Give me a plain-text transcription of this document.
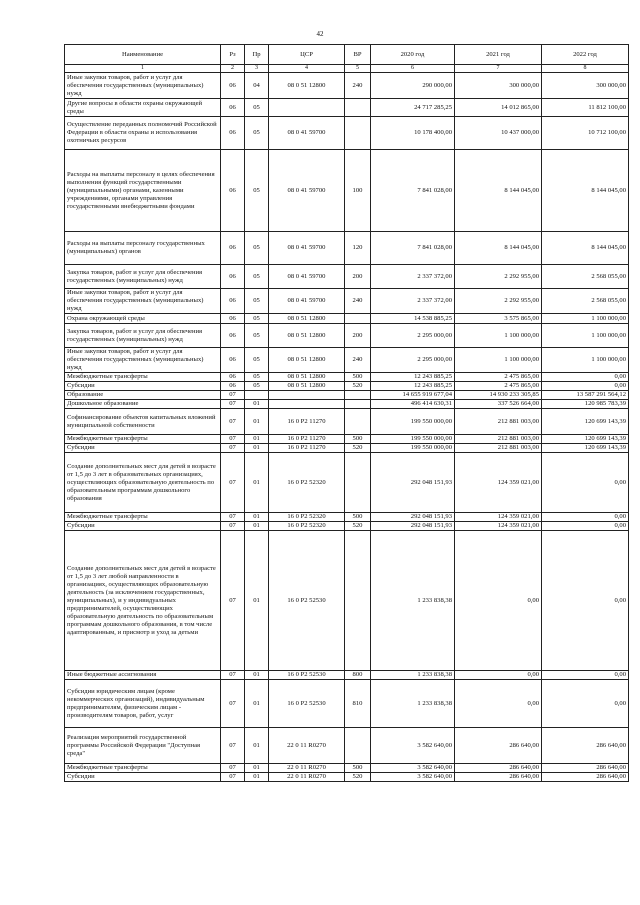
42
Наименование	Рз	Пр	ЦСР	ВР	2020 год	2021 год	2022 год
1	2	3	4	5	6	7	8
Иные закупки товаров, работ и услуг для обеспечения государственных (муниципальных) нужд	06	04	08 0 51 12800	240	290 000,00	300 000,00	300 000,00
Другие вопросы в области охраны окружающей среды	06	05			24 717 285,25	14 012 865,00	11 812 100,00
Осуществление переданных полномочий Российской Федерации в области охраны и использования охотничьих ресурсов	06	05	08 0 41 59700		10 178 400,00	10 437 000,00	10 712 100,00
Расходы на выплаты персоналу в целях обеспечения выполнения функций государственными (муниципальными) органами, казенными учреждениями, органами управления государственными внебюджетными фондами	06	05	08 0 41 59700	100	7 841 028,00	8 144 045,00	8 144 045,00
Расходы на выплаты персоналу государственных (муниципальных) органов	06	05	08 0 41 59700	120	7 841 028,00	8 144 045,00	8 144 045,00
Закупка товаров, работ и услуг для обеспечения государственных (муниципальных) нужд	06	05	08 0 41 59700	200	2 337 372,00	2 292 955,00	2 568 055,00
Иные закупки товаров, работ и услуг для обеспечения государственных (муниципальных) нужд	06	05	08 0 41 59700	240	2 337 372,00	2 292 955,00	2 568 055,00
Охрана окружающей среды	06	05	08 0 51 12800		14 538 885,25	3 575 865,00	1 100 000,00
Закупка товаров, работ и услуг для обеспечения государственных (муниципальных) нужд	06	05	08 0 51 12800	200	2 295 000,00	1 100 000,00	1 100 000,00
Иные закупки товаров, работ и услуг для обеспечения государственных (муниципальных) нужд	06	05	08 0 51 12800	240	2 295 000,00	1 100 000,00	1 100 000,00
Межбюджетные трансферты	06	05	08 0 51 12800	500	12 243 885,25	2 475 865,00	0,00
Субсидии	06	05	08 0 51 12800	520	12 243 885,25	2 475 865,00	0,00
Образование	07				14 655 919 677,04	14 930 233 305,85	13 587 291 564,12
Дошкольное образование	07	01			496 414 630,31	337 526 664,00	120 985 783,39
Софинансирование объектов капитальных вложений муниципальной собственности	07	01	16 0 P2 11270		199 550 000,00	212 881 003,00	120 699 143,39
Межбюджетные трансферты	07	01	16 0 P2 11270	500	199 550 000,00	212 881 003,00	120 699 143,39
Субсидии	07	01	16 0 P2 11270	520	199 550 000,00	212 881 003,00	120 699 143,39
Создание дополнительных мест для детей в возрасте от 1,5 до 3 лет в образовательных организациях, осуществляющих образовательную деятельность по образовательным программам дошкольного образования	07	01	16 0 P2 52320		292 048 151,93	124 359 021,00	0,00
Межбюджетные трансферты	07	01	16 0 P2 52320	500	292 048 151,93	124 359 021,00	0,00
Субсидии	07	01	16 0 P2 52320	520	292 048 151,93	124 359 021,00	0,00
Создание дополнительных мест для детей в возрасте от 1,5 до 3 лет любой направленности в организациях, осуществляющих образовательную деятельность (за исключением государственных, муниципальных), и у индивидуальных предпринимателей, осуществляющих образовательную деятельность по образовательным программам дошкольного образования, в том числе адаптированным, и присмотр и уход за детьми	07	01	16 0 P2 52530		1 233 838,38	0,00	0,00
Иные бюджетные ассигнования	07	01	16 0 P2 52530	800	1 233 838,38	0,00	0,00
Субсидии юридическим лицам (кроме некоммерческих организаций), индивидуальным предпринимателям, физическим лицам - производителям товаров, работ, услуг	07	01	16 0 P2 52530	810	1 233 838,38	0,00	0,00
Реализация мероприятий государственной программы Российской Федерации "Доступная среда"	07	01	22 0 11 R0270		3 582 640,00	286 640,00	286 640,00
Межбюджетные трансферты	07	01	22 0 11 R0270	500	3 582 640,00	286 640,00	286 640,00
Субсидии	07	01	22 0 11 R0270	520	3 582 640,00	286 640,00	286 640,00
